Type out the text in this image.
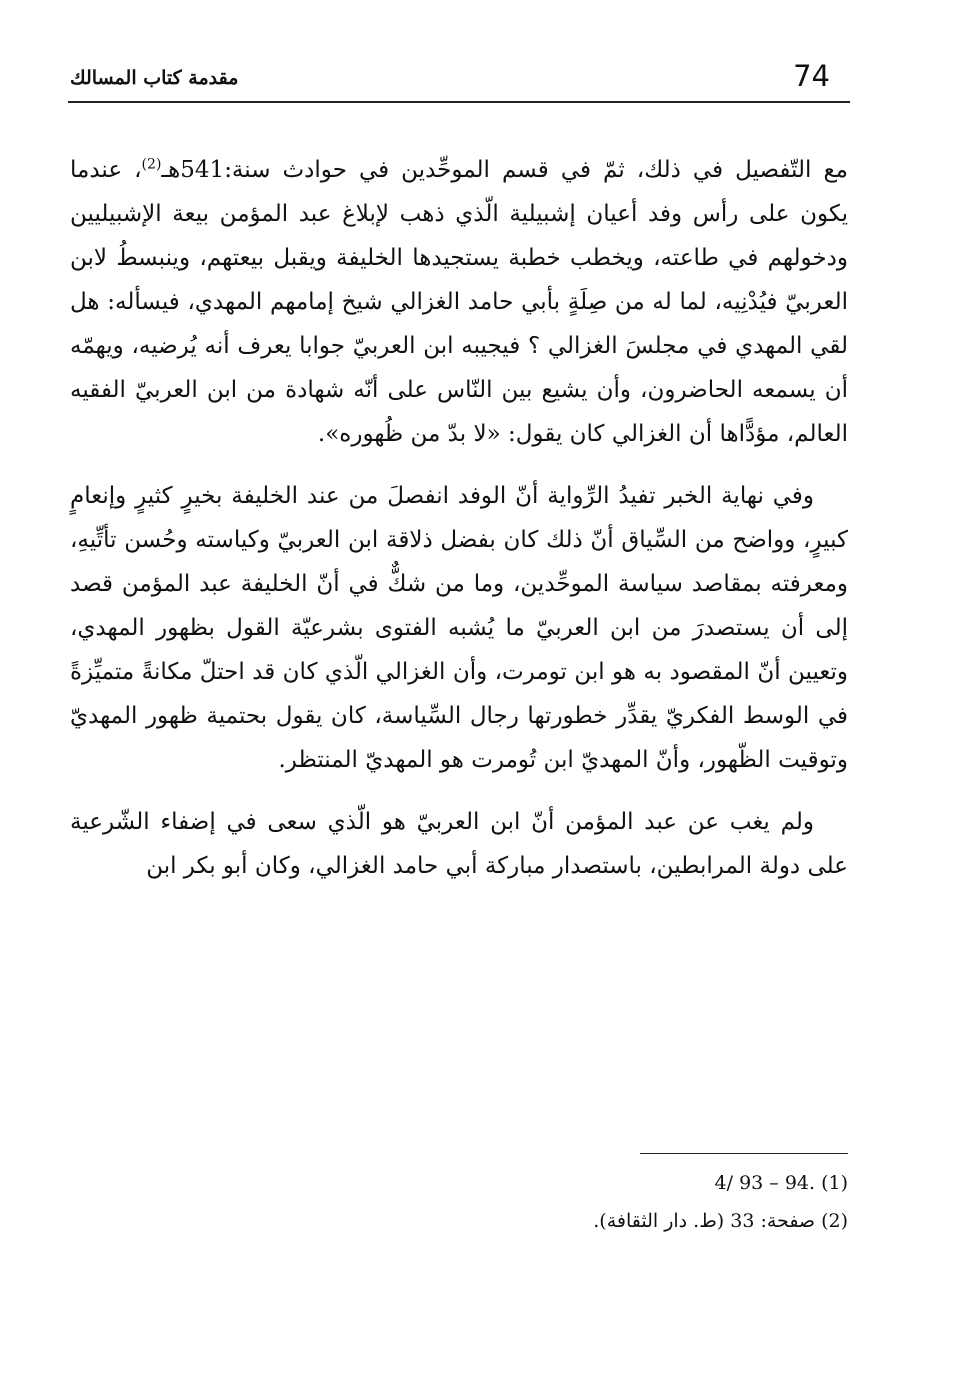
مقدمة كتاب المسالك	74

مع التّفصيل في ذلك، ثمّ في قسم الموحِّدين في حوادث سنة:541هـ$^{(2)}$، عندما يكون على رأس وفد أعيان إشبيلية الّذي ذهب لإبلاغ عبد المؤمن بيعة الإشبيليين ودخولهم في طاعته، ويخطب خطبة يستجيدها الخليفة ويقبل بيعتهم، وينبسطُ لابن العربيّ فيُدْنِيه، لما له من صِلَةٍ بأبي حامد الغزالي شيخ إمامهم المهدي، فيسأله: هل لقي المهدي في مجلسَ الغزالي ؟ فيجيبه ابن العربيّ جوابا يعرف أنه يُرضيه، ويهمّه أن يسمعه الحاضرون، وأن يشيع بين النّاس على أنّه شهادة من ابن العربيّ الفقيه العالم، مؤدًّاها أن الغزالي كان يقول: «لا بدّ من ظُهوره».

وفي نهاية الخبر تفيدُ الرِّواية أنّ الوفد انفصلَ من عند الخليفة بخيرٍ كثيرٍ وإنعامٍ كبيرٍ، وواضح من السِّياق أنّ ذلك كان بفضل ذلاقة ابن العربيّ وكياسته وحُسن تأتِّيهِ، ومعرفته بمقاصد سياسة الموحِّدين، وما من شكٌّ في أنّ الخليفة عبد المؤمن قصد إلى أن يستصدرَ من ابن العربيّ ما يُشبه الفتوى بشرعيّة القول بظهور المهدي، وتعيين أنّ المقصود به هو ابن تومرت، وأن الغزالي الّذي كان قد احتلّ مكانةً متميِّزةً في الوسط الفكريّ يقدِّر خطورتها رجال السِّياسة، كان يقول بحتمية ظهور المهديّ وتوقيت الظّهور، وأنّ المهديّ ابن تُومرت هو المهديّ المنتظر.

ولم يغب عن عبد المؤمن أنّ ابن العربيّ هو الّذي سعى في إضفاء الشّرعية على دولة المرابطين، باستصدار مباركة أبي حامد الغزالي، وكان أبو بكر ابن

(1)4/ 93 – 94.

(2)صفحة: 33 (ط. دار الثقافة).
